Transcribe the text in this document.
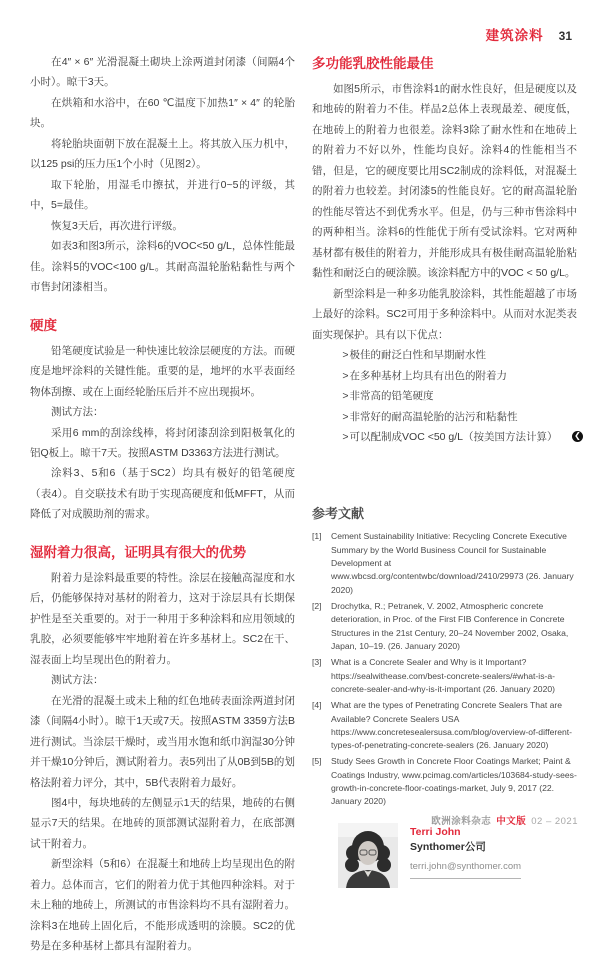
建筑涂料 31

在4″ × 6″ 光滑混凝土砌块上涂两道封闭漆（间隔4个小时）。晾干3天。

在烘箱和水浴中，在60 ℃温度下加热1″ × 4″ 的轮胎块。

将轮胎块面朝下放在混凝土上。将其放入压力机中，以125 psi的压力压1个小时（见图2）。

取下轮胎，用湿毛巾擦拭，并进行0~5的评级，其中，5=最佳。

恢复3天后，再次进行评级。

如表3和图3所示，涂料6的VOC<50 g/L，总体性能最佳。涂料5的VOC<100 g/L。其耐高温轮胎粘黏性与两个市售封闭漆相当。

硬度

铅笔硬度试验是一种快速比较涂层硬度的方法。而硬度是地坪涂料的关键性能。重要的是，地坪的水平表面经物体刮擦、或在上面经轮胎压后并不应出现损坏。

测试方法：

采用6 mm的刮涂线棒，将封闭漆刮涂到阳极氧化的铝Q板上。晾干7天。按照ASTM D3363方法进行测试。

涂料3、5和6（基于SC2）均具有极好的铅笔硬度（表4）。自交联技术有助于实现高硬度和低MFFT，从而降低了对成膜助剂的需求。

湿附着力很高，证明具有很大的优势

附着力是涂料最重要的特性。涂层在接触高湿度和水后，仍能够保持对基材的附着力，这对于涂层具有长期保护性是至关重要的。对于一种用于多种涂料和应用领域的乳胶，必须要能够牢牢地附着在许多基材上。SC2在干、湿表面上均呈现出色的附着力。

测试方法：

在光滑的混凝土或未上釉的红色地砖表面涂两道封闭漆（间隔4小时）。晾干1天或7天。按照ASTM 3359方法B进行测试。当涂层干燥时，或当用水饱和纸巾润湿30分钟并干燥10分钟后，测试附着力。表5列出了从0B到5B的划格法附着力评分，其中，5B代表附着力最好。

图4中，每块地砖的左侧显示1天的结果，地砖的右侧显示7天的结果。在地砖的顶部测试湿附着力，在底部测试干附着力。

新型涂料（5和6）在混凝土和地砖上均呈现出色的附着力。总体而言，它们的附着力优于其他四种涂料。对于未上釉的地砖上，所测试的市售涂料均不具有湿附着力。涂料3在地砖上固化后，不能形成透明的涂膜。SC2的优势是在多种基材上都具有湿附着力。

多功能乳胶性能最佳

如图5所示，市售涂料1的耐水性良好，但是硬度以及和地砖的附着力不佳。样品2总体上表现最差、硬度低，在地砖上的附着力也很差。涂料3除了耐水性和在地砖上的附着力不好以外，性能均良好。涂料4的性能相当不错，但是，它的硬度要比用SC2制成的涂料低，对混凝土的附着力也较差。封闭漆5的性能良好。它的耐高温轮胎的性能尽管达不到优秀水平。但是，仍与三种市售涂料中的两种相当。涂料6的性能优于所有受试涂料。它对两种基材都有极佳的附着力，并能形成具有极佳耐高温轮胎粘黏性和耐泛白的硬涂膜。该涂料配方中的VOC < 50 g/L。

新型涂料是一种多功能乳胶涂料，其性能超越了市场上最好的涂料。SC2可用于多种涂料中。从而对水泥类表面实现保护。具有以下优点：

>极佳的耐泛白性和早期耐水性
>在多种基材上均具有出色的附着力
>非常高的铅笔硬度
>非常好的耐高温轮胎的沾污和粘黏性
>可以配制成VOC <50 g/L（按美国方法计算） ❮
参考文献
[1]	Cement Sustainability Initiative: Recycling Concrete Executive Summary by the World Business Council for Sustainable Development at www.wbcsd.org/contentwbc/download/2410/29973 (26. January 2020)
[2]	Drochytka, R.; Petranek, V. 2002, Atmospheric concrete deterioration, in Proc. of the First FIB Conference in Concrete Structures in the 21st Century, 20–24 November 2002, Osaka, Japan, 10–19. (26. January 2020)
[3]	What is a Concrete Sealer and Why is it Important? https://sealwithease.com/best-concrete-sealers/#what-is-a-concrete-sealer-and-why-is-it-important (26. January 2020)
[4]	What are the types of Penetrating Concrete Sealers That are Available? Concrete Sealers USA https://www.concretesealersusa.com/blog/overview-of-different-types-of-penetrating-concrete-sealers (26. January 2020)
[5]	Study Sees Growth in Concrete Floor Coatings Market; Paint & Coatings Industry, www.pcimag.com/articles/103684-study-sees-growth-in-concrete-floor-coatings-market, July 9, 2017 (22. January 2020)
Terri John
Synthomer公司
terri.john@synthomer.com
欧洲涂料杂志 中文版 02 – 2021
